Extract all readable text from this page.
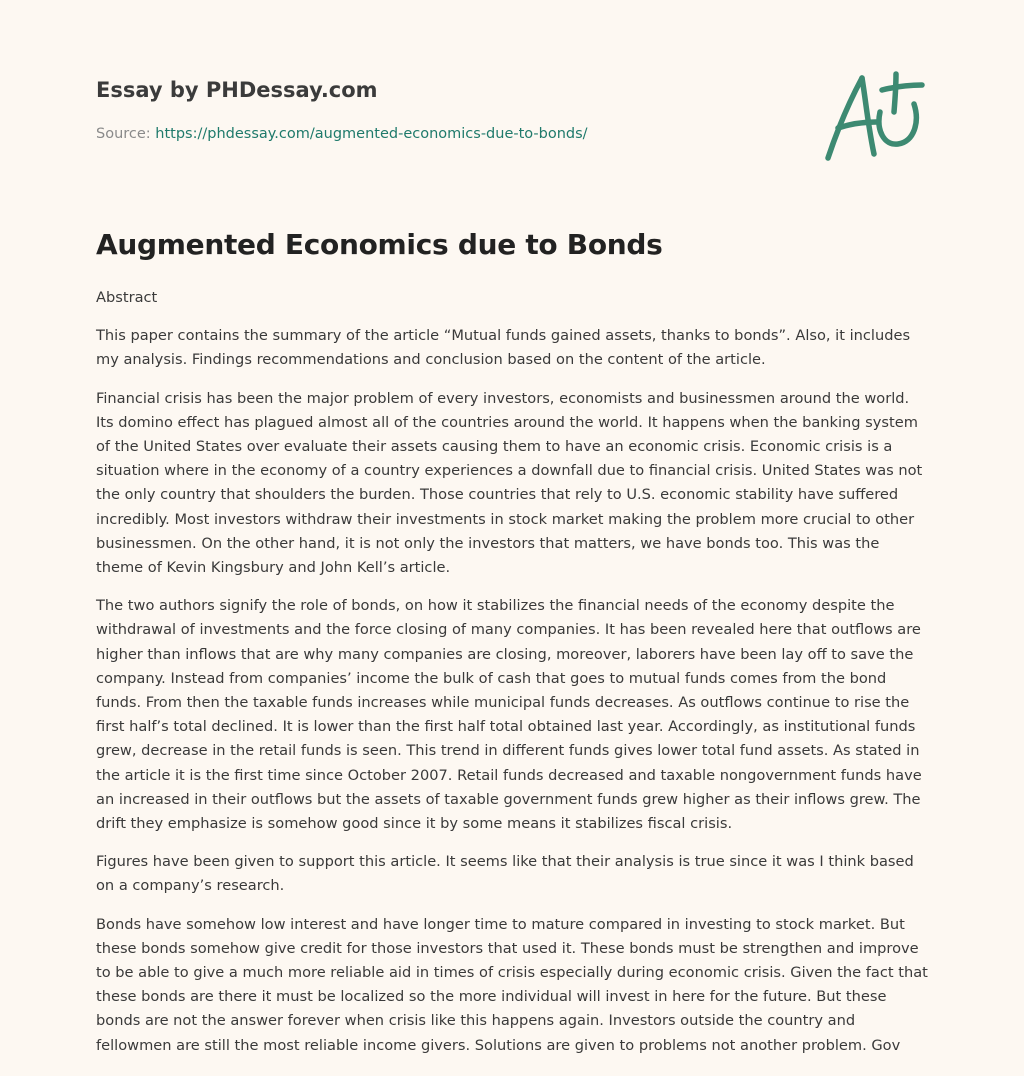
Essay by PHDessay.com
Source: https://phdessay.com/augmented-economics-due-to-bonds/
Augmented Economics due to Bonds

Abstract

This paper contains the summary of the article “Mutual funds gained assets, thanks to bonds”. Also, it includes my analysis. Findings recommendations and conclusion based on the content of the article.

Financial crisis has been the major problem of every investors, economists and businessmen around the world. Its domino effect has plagued almost all of the countries around the world. It happens when the banking system of the United States over evaluate their assets causing them to have an economic crisis. Economic crisis is a situation where in the economy of a country experiences a downfall due to financial crisis. United States was not the only country that shoulders the burden. Those countries that rely to U.S. economic stability have suffered incredibly. Most investors withdraw their investments in stock market making the problem more crucial to other businessmen. On the other hand, it is not only the investors that matters, we have bonds too. This was the theme of Kevin Kingsbury and John Kell’s article.

The two authors signify the role of bonds, on how it stabilizes the financial needs of the economy despite the withdrawal of investments and the force closing of many companies. It has been revealed here that outflows are higher than inflows that are why many companies are closing, moreover, laborers have been lay off to save the company. Instead from companies’ income the bulk of cash that goes to mutual funds comes from the bond funds. From then the taxable funds increases while municipal funds decreases. As outflows continue to rise the first half’s total declined. It is lower than the first half total obtained last year. Accordingly, as institutional funds grew, decrease in the retail funds is seen. This trend in different funds gives lower total fund assets. As stated in the article it is the first time since October 2007. Retail funds decreased and taxable nongovernment funds have an increased in their outflows but the assets of taxable government funds grew higher as their inflows grew. The drift they emphasize is somehow good since it by some means it stabilizes fiscal crisis.

Figures have been given to support this article. It seems like that their analysis is true since it was I think based on a company’s research.

Bonds have somehow low interest and have longer time to mature compared in investing to stock market. But these bonds somehow give credit for those investors that used it. These bonds must be strengthen and improve to be able to give a much more reliable aid in times of crisis especially during economic crisis. Given the fact that these bonds are there it must be localized so the more individual will invest in here for the future. But these bonds are not the answer forever when crisis like this happens again. Investors outside the country and fellowmen are still the most reliable income givers. Solutions are given to problems not another problem. Gov
